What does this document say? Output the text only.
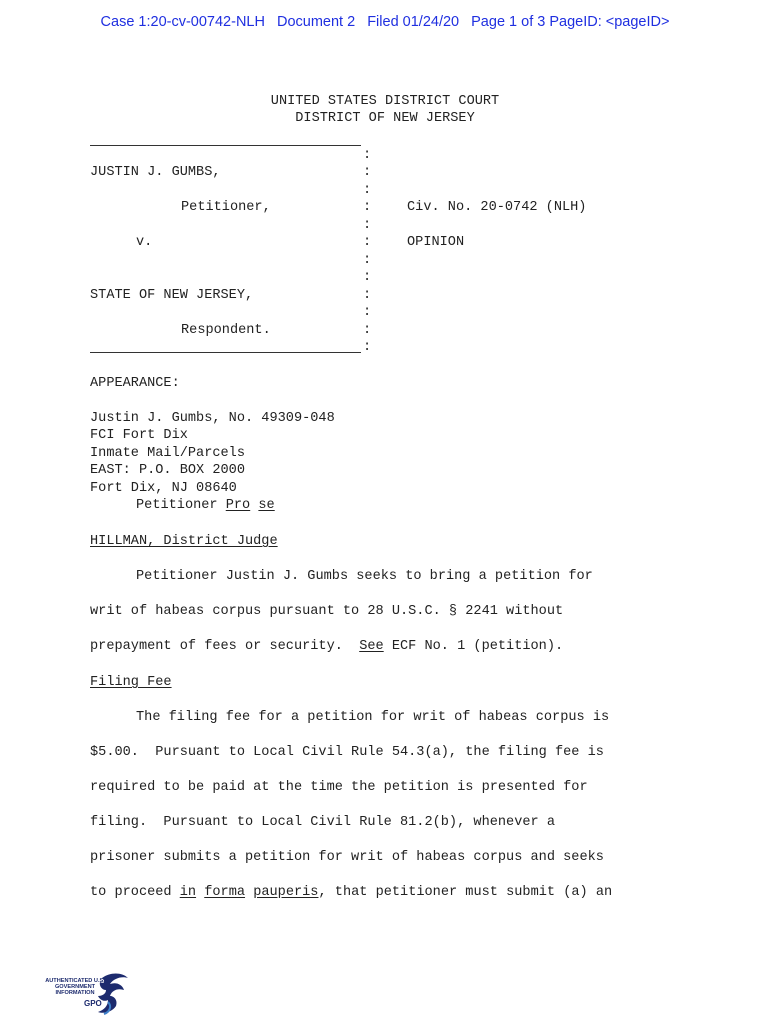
Case 1:20-cv-00742-NLH Document 2 Filed 01/24/20 Page 1 of 3 PageID: <pageID>
UNITED STATES DISTRICT COURT
DISTRICT OF NEW JERSEY
:
:
:
:
:
:
:
:
:
:
:
:
JUSTIN J. GUMBS,
Petitioner,
v.
STATE OF NEW JERSEY,
Respondent.
Civ. No. 20-0742 (NLH)
OPINION
APPEARANCE:
Justin J. Gumbs, No. 49309-048
FCI Fort Dix
Inmate Mail/Parcels
EAST: P.O. BOX 2000
Fort Dix, NJ 08640
Petitioner Pro se
HILLMAN, District Judge
Petitioner Justin J. Gumbs seeks to bring a petition for
writ of habeas corpus pursuant to 28 U.S.C. § 2241 without
prepayment of fees or security.  See ECF No. 1 (petition).
Filing Fee
The filing fee for a petition for writ of habeas corpus is
$5.00.  Pursuant to Local Civil Rule 54.3(a), the filing fee is
required to be paid at the time the petition is presented for
filing.  Pursuant to Local Civil Rule 81.2(b), whenever a
prisoner submits a petition for writ of habeas corpus and seeks
to proceed in forma pauperis, that petitioner must submit (a) an
AUTHENTICATED U.S. GOVERNMENT INFORMATION
GPO
